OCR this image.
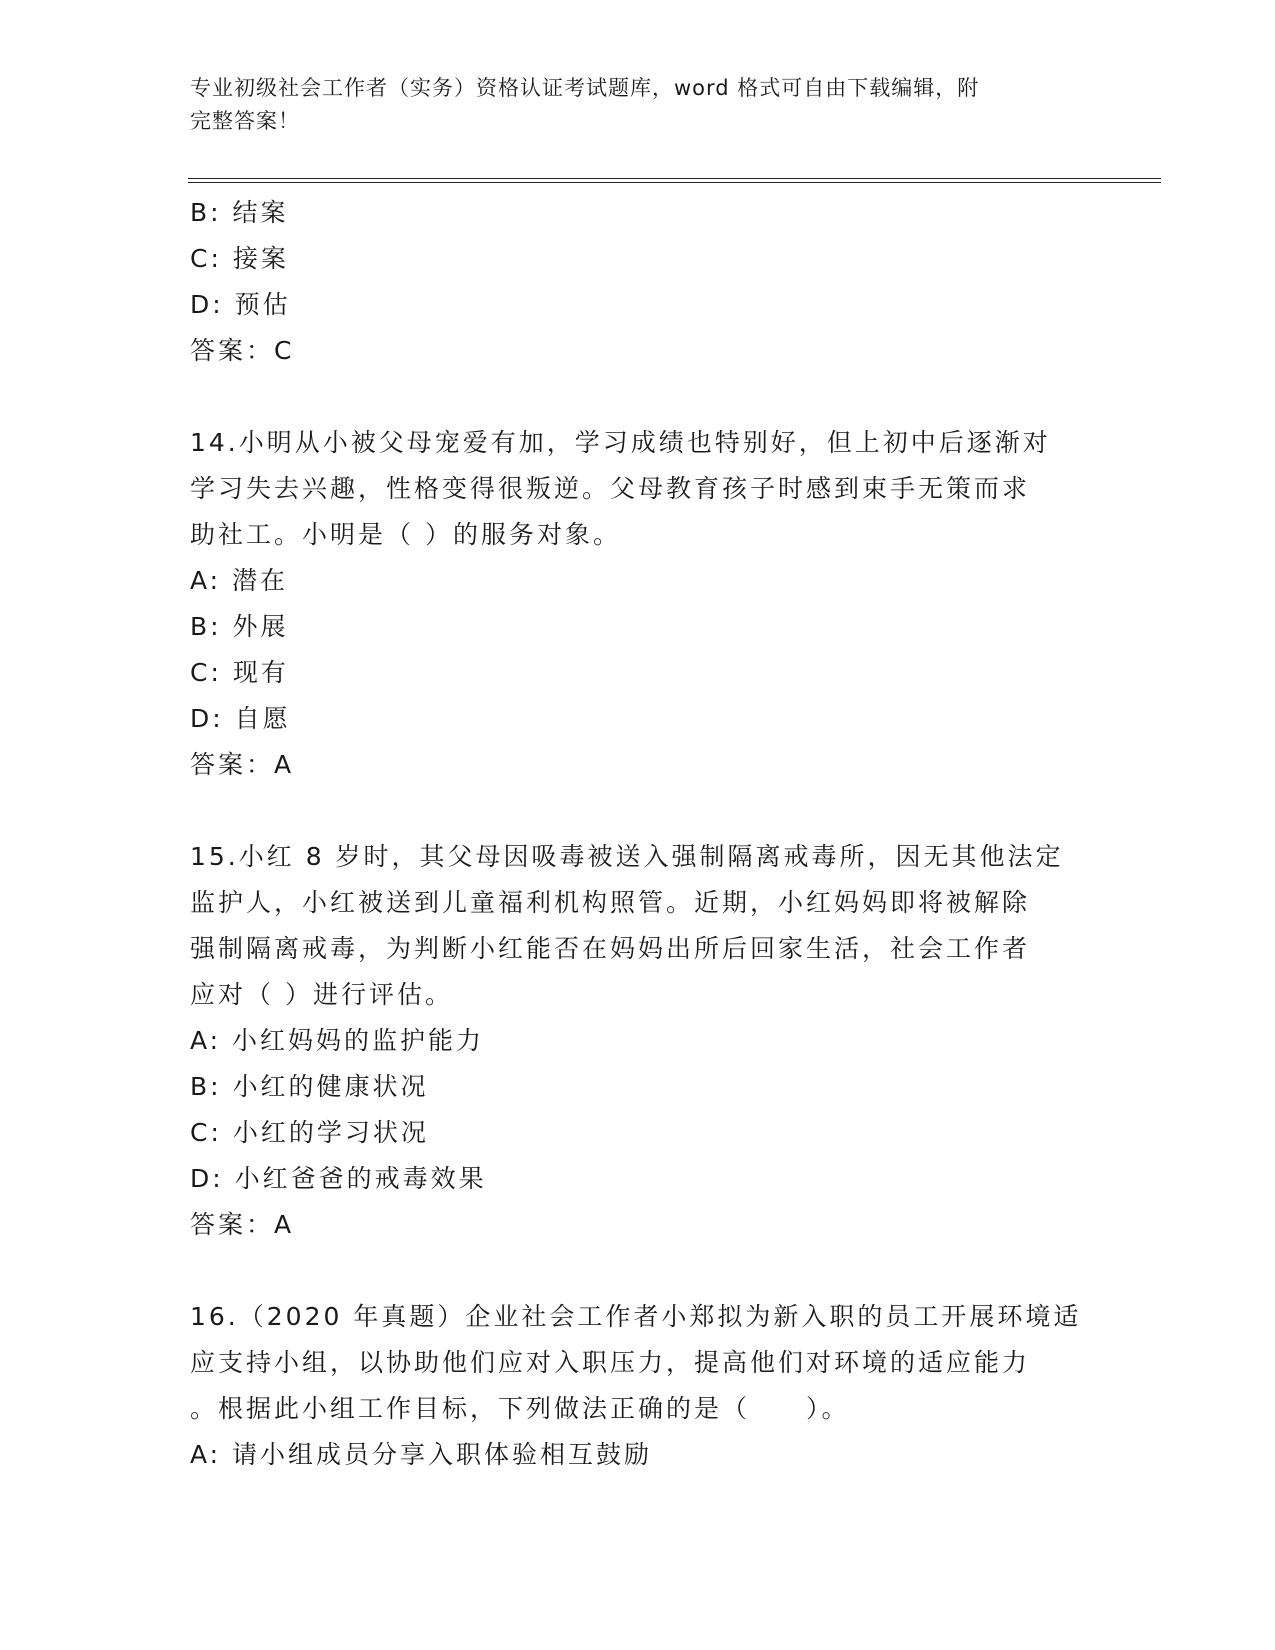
专业初级社会工作者（实务）资格认证考试题库，word 格式可自由下载编辑，附
完整答案！
B: 结案
C: 接案
D: 预估
答案：C
14.小明从小被父母宠爱有加，学习成绩也特别好，但上初中后逐渐对
学习失去兴趣，性格变得很叛逆。父母教育孩子时感到束手无策而求
助社工。小明是（ ）的服务对象。
A: 潜在
B: 外展
C: 现有
D: 自愿
答案：A
15.小红 8 岁时，其父母因吸毒被送入强制隔离戒毒所，因无其他法定
监护人，小红被送到儿童福利机构照管。近期，小红妈妈即将被解除
强制隔离戒毒，为判断小红能否在妈妈出所后回家生活，社会工作者
应对（ ）进行评估。
A: 小红妈妈的监护能力
B: 小红的健康状况
C: 小红的学习状况
D: 小红爸爸的戒毒效果
答案：A
16.（2020 年真题）企业社会工作者小郑拟为新入职的员工开展环境适
应支持小组，以协助他们应对入职压力，提高他们对环境的适应能力
。根据此小组工作目标，下列做法正确的是（　　）。
A: 请小组成员分享入职体验相互鼓励
